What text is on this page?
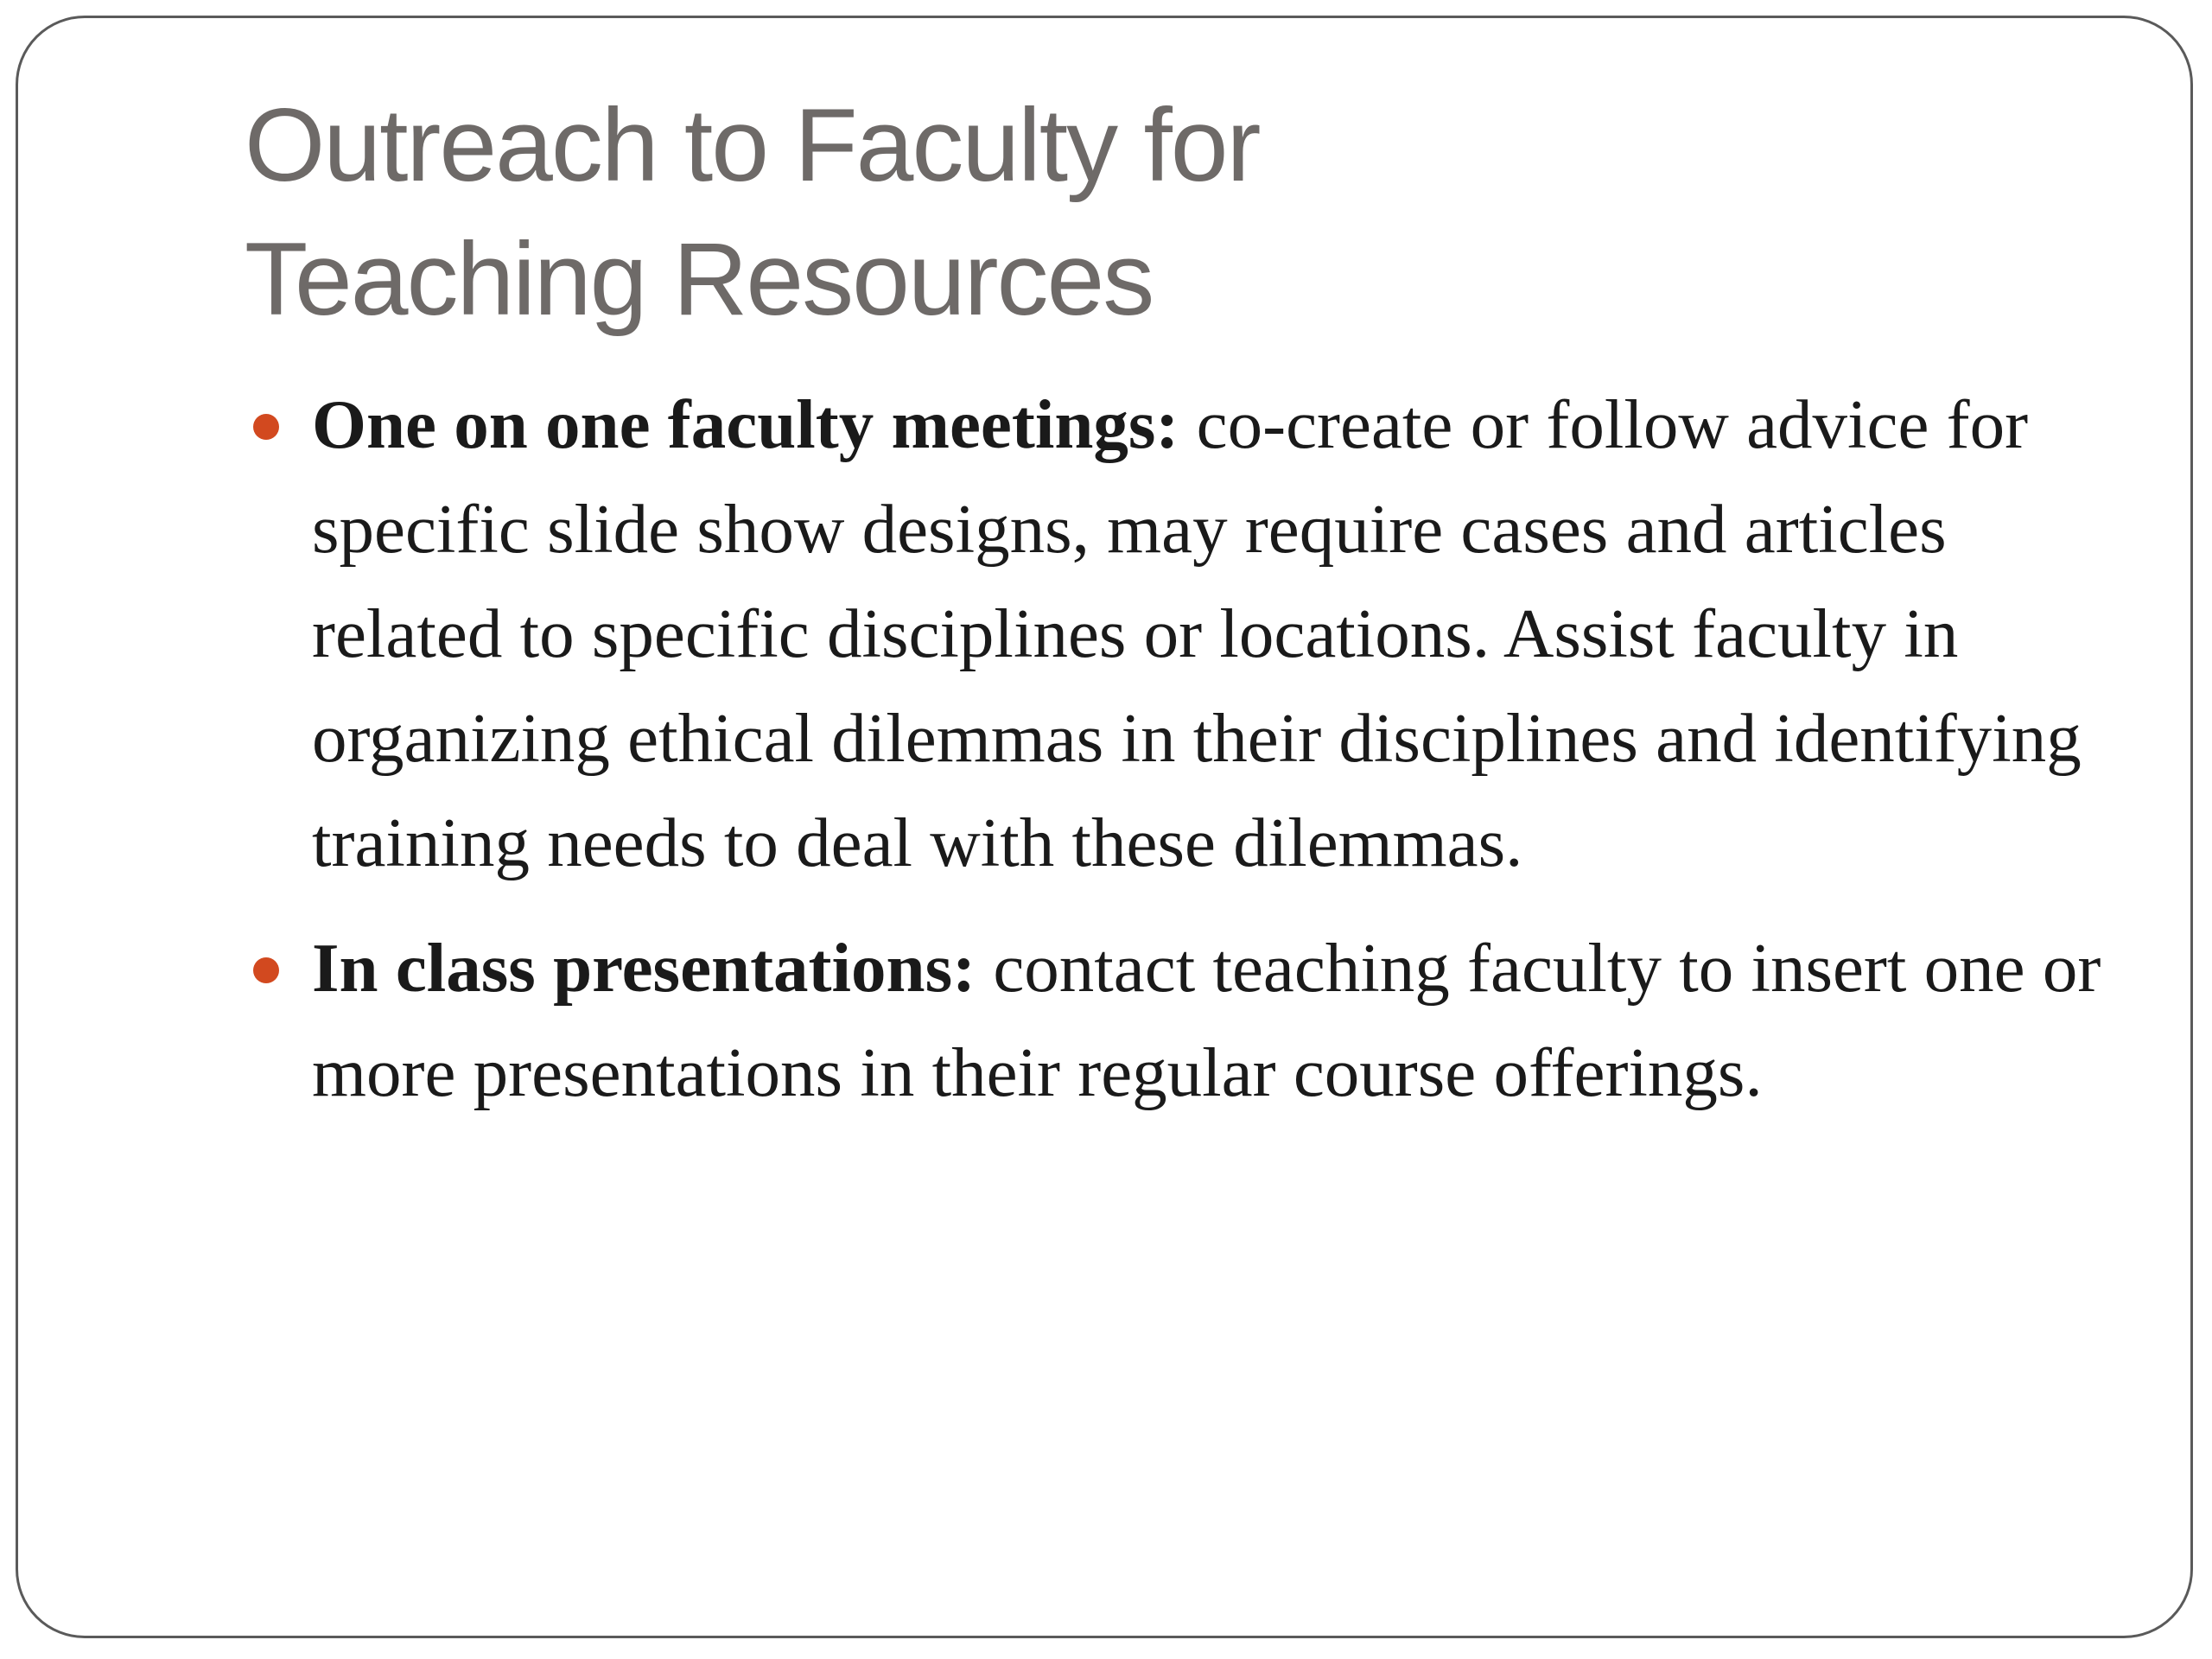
Outreach to Faculty for
Teaching Resources
One on one faculty meetings: co-create or follow advice for specific slide show designs, may require cases and articles related to specific disciplines or locations. Assist faculty in organizing ethical dilemmas in their disciplines and identifying training needs to deal with these dilemmas.
In class presentations: contact teaching faculty to insert one or more presentations in their regular course offerings.
